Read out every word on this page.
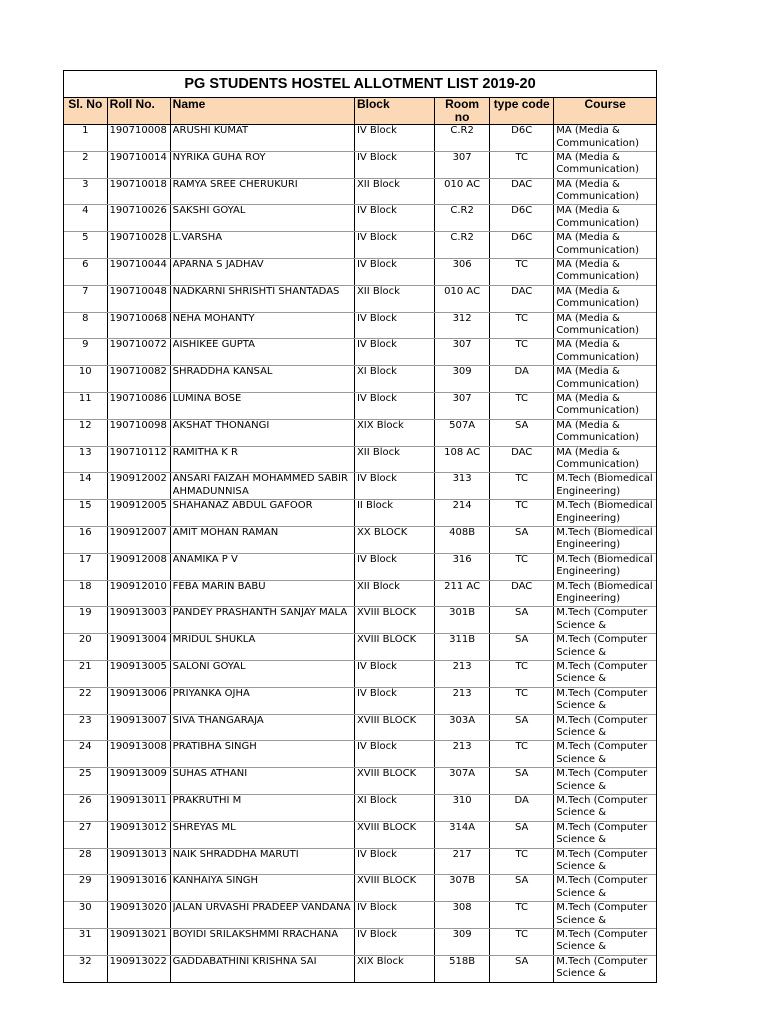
PG STUDENTS HOSTEL ALLOTMENT LIST 2019-20
Sl. No	Roll No.	Name	Block	Room no	type code	Course

1	190710008	ARUSHI KUMAT	IV Block	C.R2	D6C	MA (Media & Communication)

2	190710014	NYRIKA GUHA ROY	IV Block	307	TC	MA (Media & Communication)

3	190710018	RAMYA SREE CHERUKURI	XII Block	010 AC	DAC	MA (Media & Communication)

4	190710026	SAKSHI GOYAL	IV Block	C.R2	D6C	MA (Media & Communication)

5	190710028	L.VARSHA	IV Block	C.R2	D6C	MA (Media & Communication)

6	190710044	APARNA S JADHAV	IV Block	306	TC	MA (Media & Communication)

7	190710048	NADKARNI SHRISHTI SHANTADAS	XII Block	010 AC	DAC	MA (Media & Communication)

8	190710068	NEHA MOHANTY	IV Block	312	TC	MA (Media & Communication)

9	190710072	AISHIKEE GUPTA	IV Block	307	TC	MA (Media & Communication)

10	190710082	SHRADDHA KANSAL	XI Block	309	DA	MA (Media & Communication)

11	190710086	LUMINA BOSE	IV Block	307	TC	MA (Media & Communication)

12	190710098	AKSHAT THONANGI	XIX Block	507A	SA	MA (Media & Communication)

13	190710112	RAMITHA K R	XII Block	108 AC	DAC	MA (Media & Communication)

14	190912002	ANSARI FAIZAH MOHAMMED SABIR AHMADUNNISA	IV Block	313	TC	M.Tech (Biomedical Engineering)

15	190912005	SHAHANAZ ABDUL GAFOOR	II Block	214	TC	M.Tech (Biomedical Engineering)

16	190912007	AMIT MOHAN RAMAN	XX BLOCK	408B	SA	M.Tech (Biomedical Engineering)

17	190912008	ANAMIKA P V	IV Block	316	TC	M.Tech (Biomedical Engineering)

18	190912010	FEBA MARIN BABU	XII Block	211 AC	DAC	M.Tech (Biomedical Engineering)

19	190913003	PANDEY PRASHANTH SANJAY MALA	XVIII BLOCK	301B	SA	M.Tech (Computer Science &

20	190913004	MRIDUL SHUKLA	XVIII BLOCK	311B	SA	M.Tech (Computer Science &

21	190913005	SALONI GOYAL	IV Block	213	TC	M.Tech (Computer Science &

22	190913006	PRIYANKA OJHA	IV Block	213	TC	M.Tech (Computer Science &

23	190913007	SIVA THANGARAJA	XVIII BLOCK	303A	SA	M.Tech (Computer Science &

24	190913008	PRATIBHA SINGH	IV Block	213	TC	M.Tech (Computer Science &

25	190913009	SUHAS ATHANI	XVIII BLOCK	307A	SA	M.Tech (Computer Science &

26	190913011	PRAKRUTHI M	XI Block	310	DA	M.Tech (Computer Science &

27	190913012	SHREYAS ML	XVIII BLOCK	314A	SA	M.Tech (Computer Science &

28	190913013	NAIK SHRADDHA MARUTI	IV Block	217	TC	M.Tech (Computer Science &

29	190913016	KANHAIYA SINGH	XVIII BLOCK	307B	SA	M.Tech (Computer Science &

30	190913020	JALAN URVASHI PRADEEP VANDANA	IV Block	308	TC	M.Tech (Computer Science &

31	190913021	BOYIDI SRILAKSHMMI RRACHANA	IV Block	309	TC	M.Tech (Computer Science &

32	190913022	GADDABATHINI KRISHNA SAI	XIX Block	518B	SA	M.Tech (Computer Science &
